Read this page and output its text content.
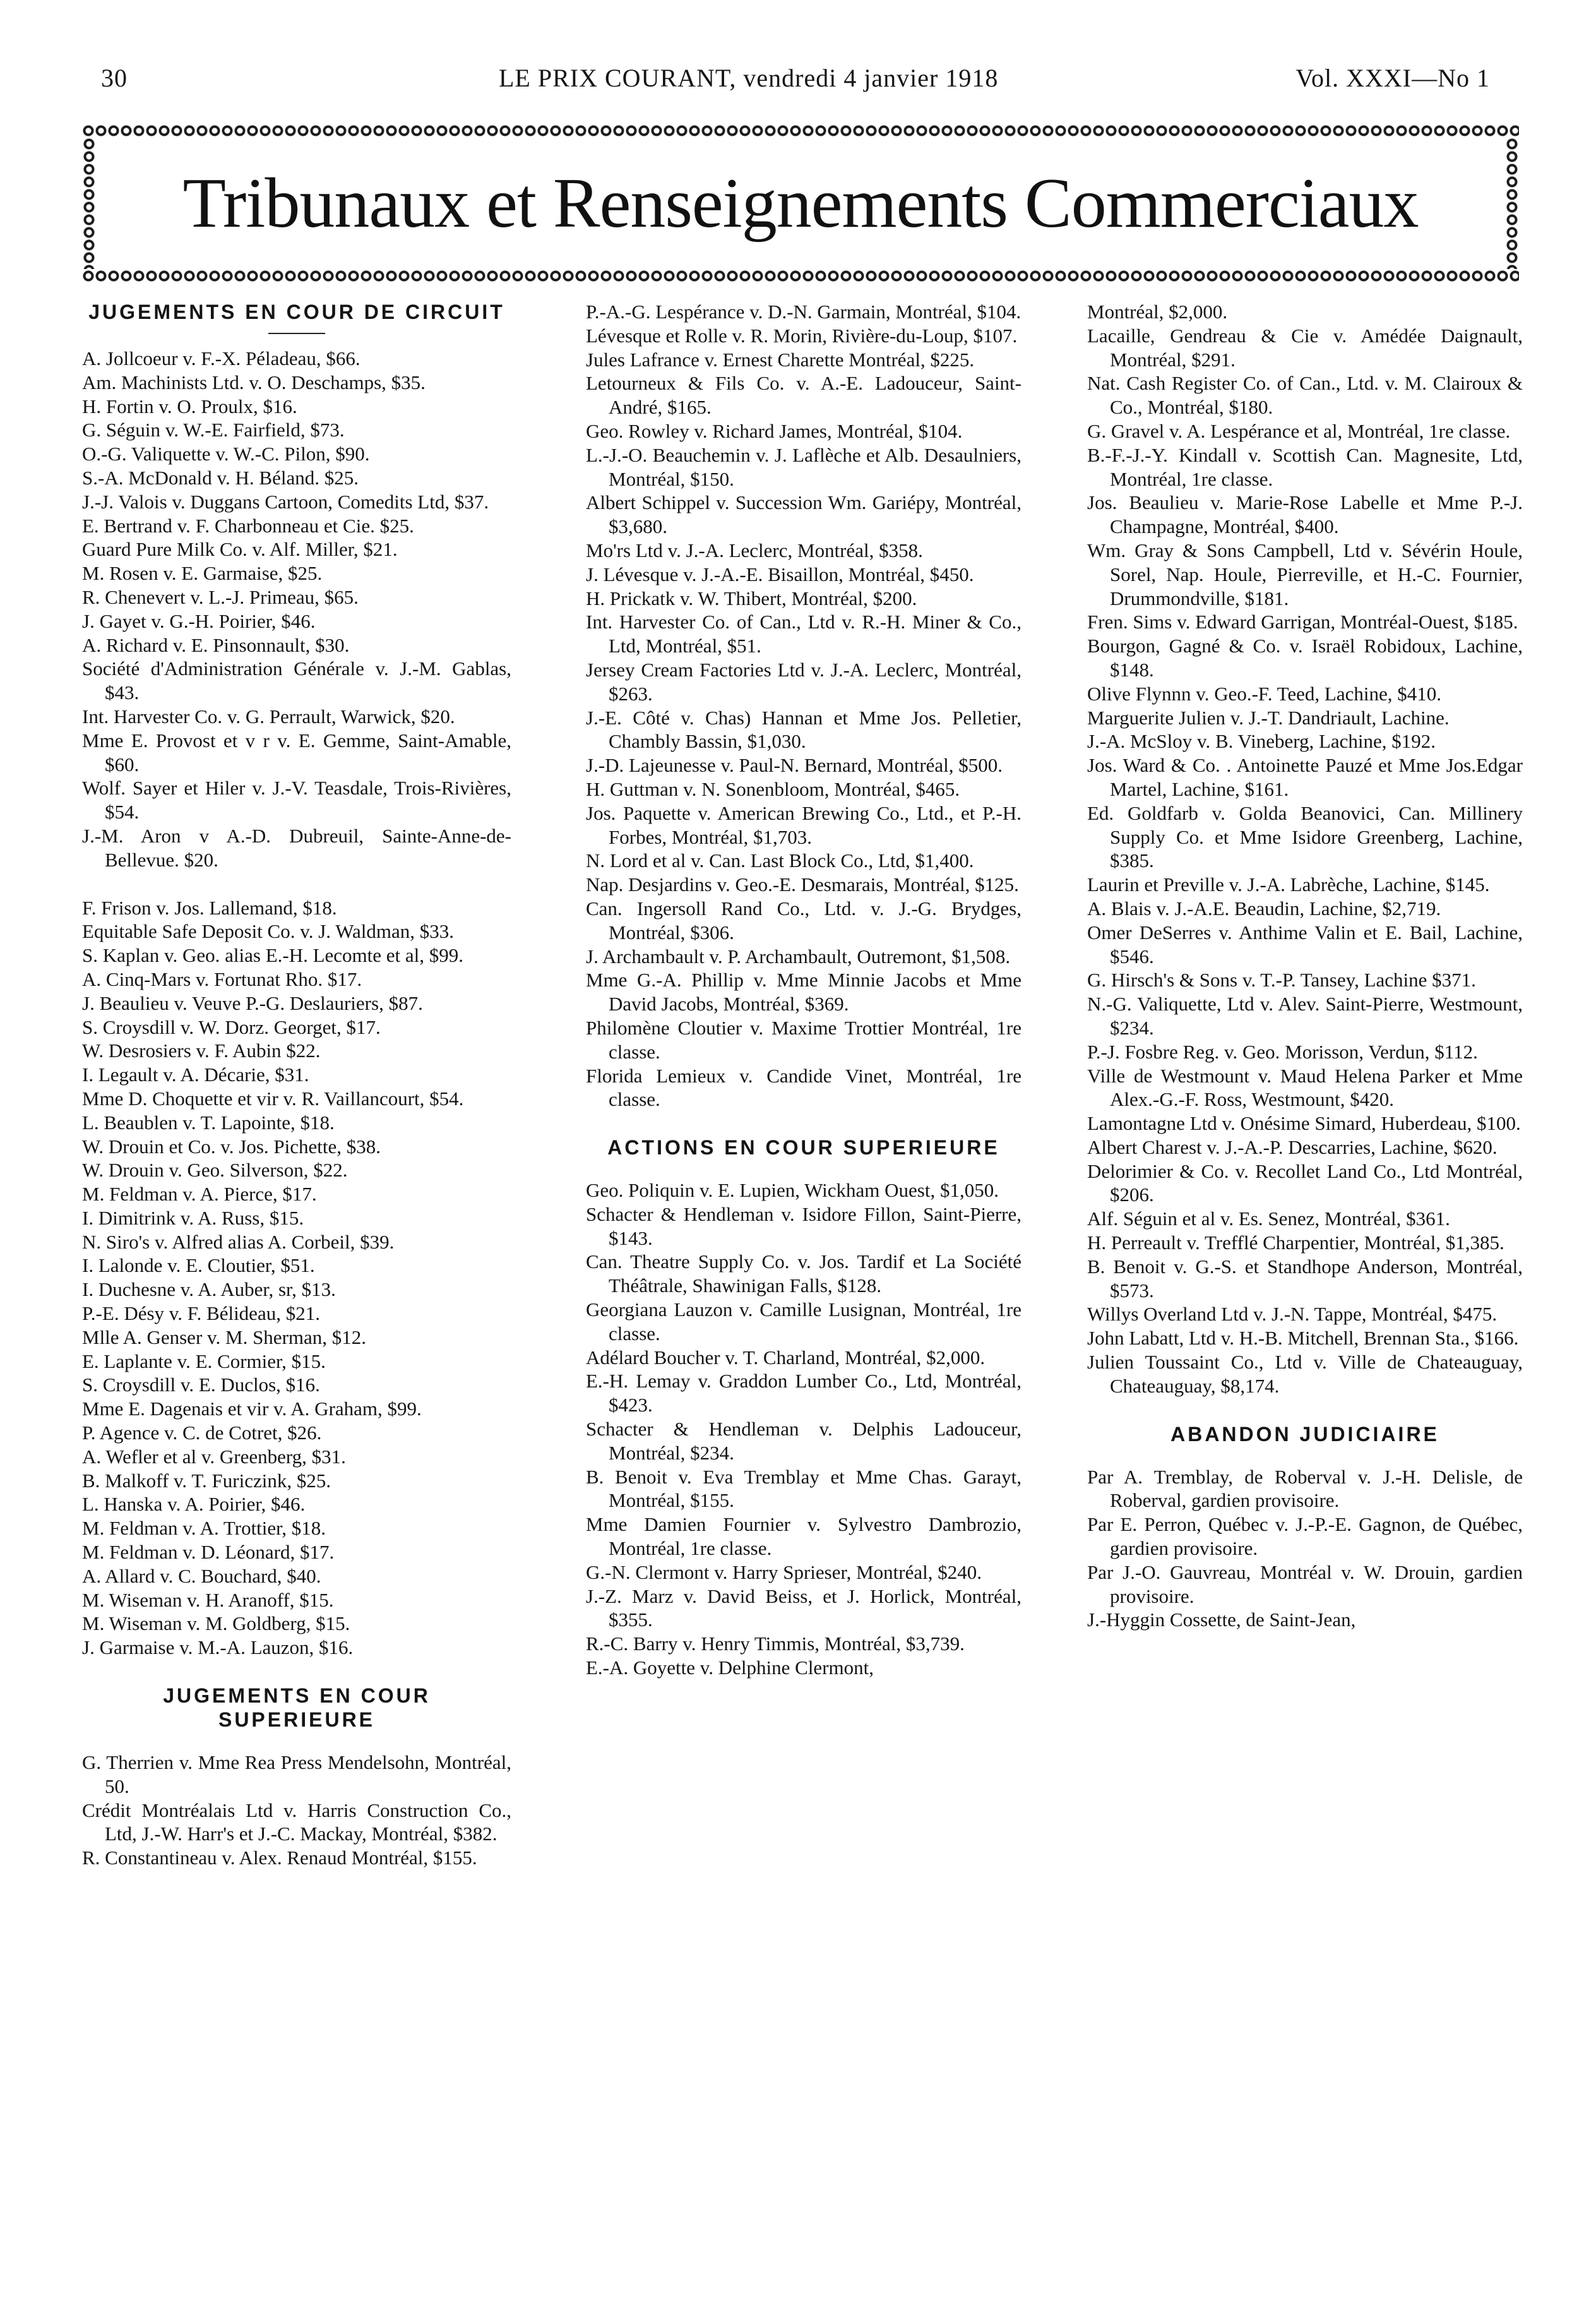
30	LE PRIX COURANT, vendredi 4 janvier 1918	Vol. XXXI—No 1
Tribunaux et Renseignements Commerciaux
JUGEMENTS EN COUR DE CIRCUIT

A. Jollcoeur v. F.-X. Péladeau, $66.

Am. Machinists Ltd. v. O. Deschamps, $35.

H. Fortin v. O. Proulx, $16.

G. Séguin v. W.-E. Fairfield, $73.

O.-G. Valiquette v. W.-C. Pilon, $90.

S.-A. McDonald v. H. Béland. $25.

J.-J. Valois v. Duggans Cartoon, Comedits Ltd, $37.

E. Bertrand v. F. Charbonneau et Cie. $25.

Guard Pure Milk Co. v. Alf. Miller, $21.

M. Rosen v. E. Garmaise, $25.

R. Chenevert v. L.-J. Primeau, $65.

J. Gayet v. G.-H. Poirier, $46.

A. Richard v. E. Pinsonnault, $30.

Société d'Administration Générale v. J.-M. Gablas, $43.

Int. Harvester Co. v. G. Perrault, Warwick, $20.

Mme E. Provost et v r v. E. Gemme, Saint-Amable, $60.

Wolf. Sayer et Hiler v. J.-V. Teasdale, Trois-Rivières, $54.

J.-M. Aron v A.-D. Dubreuil, Sainte-Anne-de-Bellevue. $20.

F. Frison v. Jos. Lallemand, $18.

Equitable Safe Deposit Co. v. J. Waldman, $33.

S. Kaplan v. Geo. alias E.-H. Lecomte et al, $99.

A. Cinq-Mars v. Fortunat Rho. $17.

J. Beaulieu v. Veuve P.-G. Deslauriers, $87.

S. Croysdill v. W. Dorz. Georget, $17.

W. Desrosiers v. F. Aubin $22.

I. Legault v. A. Décarie, $31.

Mme D. Choquette et vir v. R. Vaillancourt, $54.

L. Beaublen v. T. Lapointe, $18.

W. Drouin et Co. v. Jos. Pichette, $38.

W. Drouin v. Geo. Silverson, $22.

M. Feldman v. A. Pierce, $17.

I. Dimitrink v. A. Russ, $15.

N. Siro's v. Alfred alias A. Corbeil, $39.

I. Lalonde v. E. Cloutier, $51.

I. Duchesne v. A. Auber, sr, $13.

P.-E. Désy v. F. Bélideau, $21.

Mlle A. Genser v. M. Sherman, $12.

E. Laplante v. E. Cormier, $15.

S. Croysdill v. E. Duclos, $16.

Mme E. Dagenais et vir v. A. Graham, $99.

P. Agence v. C. de Cotret, $26.

A. Wefler et al v. Greenberg, $31.

B. Malkoff v. T. Furiczink, $25.

L. Hanska v. A. Poirier, $46.

M. Feldman v. A. Trottier, $18.

M. Feldman v. D. Léonard, $17.

A. Allard v. C. Bouchard, $40.

M. Wiseman v. H. Aranoff, $15.

M. Wiseman v. M. Goldberg, $15.

J. Garmaise v. M.-A. Lauzon, $16.

JUGEMENTS EN COUR SUPERIEURE

G. Therrien v. Mme Rea Press Mendelsohn, Montréal, 50.

Crédit Montréalais Ltd v. Harris Construction Co., Ltd, J.-W. Harr's et J.-C. Mackay, Montréal, $382.

R. Constantineau v. Alex. Renaud Montréal, $155.

P.-A.-G. Lespérance v. D.-N. Garmain, Montréal, $104.

Lévesque et Rolle v. R. Morin, Rivière-du-Loup, $107.

Jules Lafrance v. Ernest Charette Montréal, $225.

Letourneux & Fils Co. v. A.-E. Ladouceur, Saint-André, $165.

Geo. Rowley v. Richard James, Montréal, $104.

L.-J.-O. Beauchemin v. J. Laflèche et Alb. Desaulniers, Montréal, $150.

Albert Schippel v. Succession Wm. Gariépy, Montréal, $3,680.

Mo'rs Ltd v. J.-A. Leclerc, Montréal, $358.

J. Lévesque v. J.-A.-E. Bisaillon, Montréal, $450.

H. Prickatk v. W. Thibert, Montréal, $200.

Int. Harvester Co. of Can., Ltd v. R.-H. Miner & Co., Ltd, Montréal, $51.

Jersey Cream Factories Ltd v. J.-A. Leclerc, Montréal, $263.

J.-E. Côté v. Chas) Hannan et Mme Jos. Pelletier, Chambly Bassin, $1,030.

J.-D. Lajeunesse v. Paul-N. Bernard, Montréal, $500.

H. Guttman v. N. Sonenbloom, Montréal, $465.

Jos. Paquette v. American Brewing Co., Ltd., et P.-H. Forbes, Montréal, $1,703.

N. Lord et al v. Can. Last Block Co., Ltd, $1,400.

Nap. Desjardins v. Geo.-E. Desmarais, Montréal, $125.

Can. Ingersoll Rand Co., Ltd. v. J.-G. Brydges, Montréal, $306.

J. Archambault v. P. Archambault, Outremont, $1,508.

Mme G.-A. Phillip v. Mme Minnie Jacobs et Mme David Jacobs, Montréal, $369.

Philomène Cloutier v. Maxime Trottier Montréal, 1re classe.

Florida Lemieux v. Candide Vinet, Montréal, 1re classe.

ACTIONS EN COUR SUPERIEURE

Geo. Poliquin v. E. Lupien, Wickham Ouest, $1,050.

Schacter & Hendleman v. Isidore Fillon, Saint-Pierre, $143.

Can. Theatre Supply Co. v. Jos. Tardif et La Société Théâtrale, Shawinigan Falls, $128.

Georgiana Lauzon v. Camille Lusignan, Montréal, 1re classe.

Adélard Boucher v. T. Charland, Montréal, $2,000.

E.-H. Lemay v. Graddon Lumber Co., Ltd, Montréal, $423.

Schacter & Hendleman v. Delphis Ladouceur, Montréal, $234.

B. Benoit v. Eva Tremblay et Mme Chas. Garayt, Montréal, $155.

Mme Damien Fournier v. Sylvestro Dambrozio, Montréal, 1re classe.

G.-N. Clermont v. Harry Sprieser, Montréal, $240.

J.-Z. Marz v. David Beiss, et J. Horlick, Montréal, $355.

R.-C. Barry v. Henry Timmis, Montréal, $3,739.

E.-A. Goyette v. Delphine Clermont,

Montréal, $2,000.

Lacaille, Gendreau & Cie v. Amédée Daignault, Montréal, $291.

Nat. Cash Register Co. of Can., Ltd. v. M. Clairoux & Co., Montréal, $180.

G. Gravel v. A. Lespérance et al, Montréal, 1re classe.

B.-F.-J.-Y. Kindall v. Scottish Can. Magnesite, Ltd, Montréal, 1re classe.

Jos. Beaulieu v. Marie-Rose Labelle et Mme P.-J. Champagne, Montréal, $400.

Wm. Gray & Sons Campbell, Ltd v. Sévérin Houle, Sorel, Nap. Houle, Pierreville, et H.-C. Fournier, Drummondville, $181.

Fren. Sims v. Edward Garrigan, Montréal-Ouest, $185.

Bourgon, Gagné & Co. v. Israël Robidoux, Lachine, $148.

Olive Flynnn v. Geo.-F. Teed, Lachine, $410.

Marguerite Julien v. J.-T. Dandriault, Lachine.

J.-A. McSloy v. B. Vineberg, Lachine, $192.

Jos. Ward & Co. . Antoinette Pauzé et Mme Jos.Edgar Martel, Lachine, $161.

Ed. Goldfarb v. Golda Beanovici, Can. Millinery Supply Co. et Mme Isidore Greenberg, Lachine, $385.

Laurin et Preville v. J.-A. Labrèche, Lachine, $145.

A. Blais v. J.-A.E. Beaudin, Lachine, $2,719.

Omer DeSerres v. Anthime Valin et E. Bail, Lachine, $546.

G. Hirsch's & Sons v. T.-P. Tansey, Lachine $371.

N.-G. Valiquette, Ltd v. Alev. Saint-Pierre, Westmount, $234.

P.-J. Fosbre Reg. v. Geo. Morisson, Verdun, $112.

Ville de Westmount v. Maud Helena Parker et Mme Alex.-G.-F. Ross, Westmount, $420.

Lamontagne Ltd v. Onésime Simard, Huberdeau, $100.

Albert Charest v. J.-A.-P. Descarries, Lachine, $620.

Delorimier & Co. v. Recollet Land Co., Ltd Montréal, $206.

Alf. Séguin et al v. Es. Senez, Montréal, $361.

H. Perreault v. Trefflé Charpentier, Montréal, $1,385.

B. Benoit v. G.-S. et Standhope Anderson, Montréal, $573.

Willys Overland Ltd v. J.-N. Tappe, Montréal, $475.

John Labatt, Ltd v. H.-B. Mitchell, Brennan Sta., $166.

Julien Toussaint Co., Ltd v. Ville de Chateauguay, Chateauguay, $8,174.

ABANDON JUDICIAIRE

Par A. Tremblay, de Roberval v. J.-H. Delisle, de Roberval, gardien provisoire.

Par E. Perron, Québec v. J.-P.-E. Gagnon, de Québec, gardien provisoire.

Par J.-O. Gauvreau, Montréal v. W. Drouin, gardien provisoire.

J.-Hyggin Cossette, de Saint-Jean,
